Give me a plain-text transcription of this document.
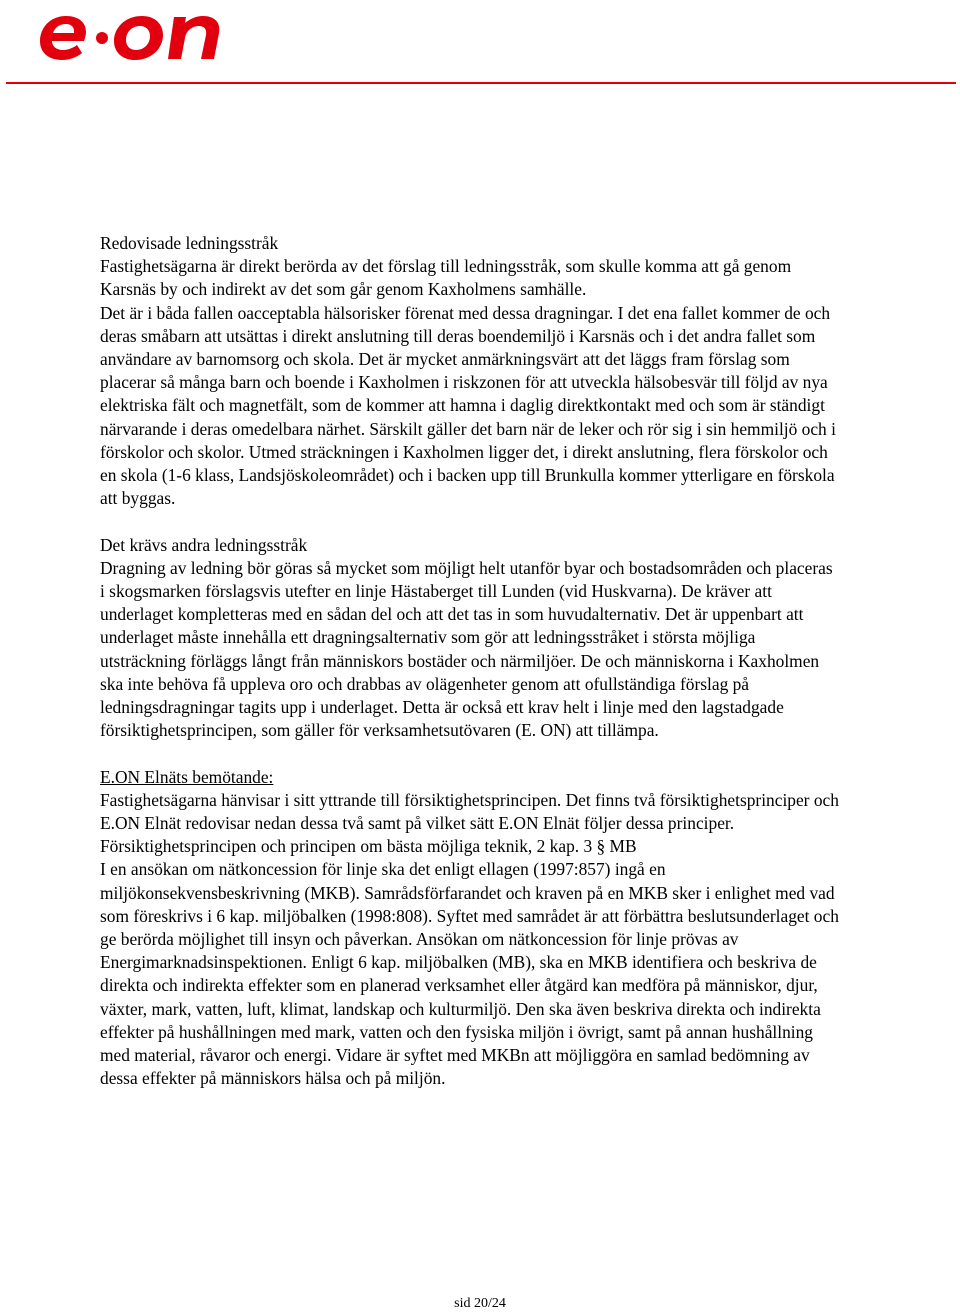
Redovisade ledningsstråk

Fastighetsägarna är direkt berörda av det förslag till ledningsstråk, som skulle komma att gå genom Karsnäs by och indirekt av det som går genom Kaxholmens samhälle.

Det är i båda fallen oacceptabla hälsorisker förenat med dessa dragningar. I det ena fallet kommer de och deras småbarn att utsättas i direkt anslutning till deras boendemiljö i Karsnäs och i det andra fallet som användare av barnomsorg och skola. Det är mycket anmärkningsvärt att det läggs fram förslag som placerar så många barn och boende i Kaxholmen i riskzonen för att utveckla hälsobesvär till följd av nya elektriska fält och magnetfält, som de kommer att hamna i daglig direktkontakt med och som är ständigt närvarande i deras omedelbara närhet. Särskilt gäller det barn när de leker och rör sig i sin hemmiljö och i förskolor och skolor. Utmed sträckningen i Kaxholmen ligger det, i direkt anslutning, flera förskolor och en skola (1-6 klass, Landsjöskoleområdet) och i backen upp till Brunkulla kommer ytterligare en förskola att byggas.

Det krävs andra ledningsstråk

Dragning av ledning bör göras så mycket som möjligt helt utanför byar och bostadsområden och placeras i skogsmarken förslagsvis utefter en linje Hästaberget till Lunden (vid Huskvarna). De kräver att underlaget kompletteras med en sådan del och att det tas in som huvudalternativ. Det är uppenbart att underlaget måste innehålla ett dragningsalternativ som gör att ledningsstråket i största möjliga utsträckning förläggs långt från människors bostäder och närmiljöer. De och människorna i Kaxholmen ska inte behöva få uppleva oro och drabbas av olägenheter genom att ofullständiga förslag på ledningsdragningar tagits upp i underlaget. Detta är också ett krav helt i linje med den lagstadgade försiktighetsprincipen, som gäller för verksamhetsutövaren (E. ON) att tillämpa.

E.ON Elnäts bemötande:

Fastighetsägarna hänvisar i sitt yttrande till försiktighetsprincipen. Det finns två försiktighetsprinciper och E.ON Elnät redovisar nedan dessa två samt på vilket sätt E.ON Elnät följer dessa principer.

Försiktighetsprincipen och principen om bästa möjliga teknik, 2 kap. 3 § MB

I en ansökan om nätkoncession för linje ska det enligt ellagen (1997:857) ingå en miljökonsekvensbeskrivning (MKB). Samrådsförfarandet och kraven på en MKB sker i enlighet med vad som föreskrivs i 6 kap. miljöbalken (1998:808). Syftet med samrådet är att förbättra beslutsunderlaget och ge berörda möjlighet till insyn och påverkan. Ansökan om nätkoncession för linje prövas av Energimarknadsinspektionen. Enligt 6 kap. miljöbalken (MB), ska en MKB identifiera och beskriva de direkta och indirekta effekter som en planerad verksamhet eller åtgärd kan medföra på människor, djur, växter, mark, vatten, luft, klimat, landskap och kulturmiljö. Den ska även beskriva direkta och indirekta effekter på hushållningen med mark, vatten och den fysiska miljön i övrigt, samt på annan hushållning med material, råvaror och energi. Vidare är syftet med MKBn att möjliggöra en samlad bedömning av dessa effekter på människors hälsa och på miljön.

sid 20/24
